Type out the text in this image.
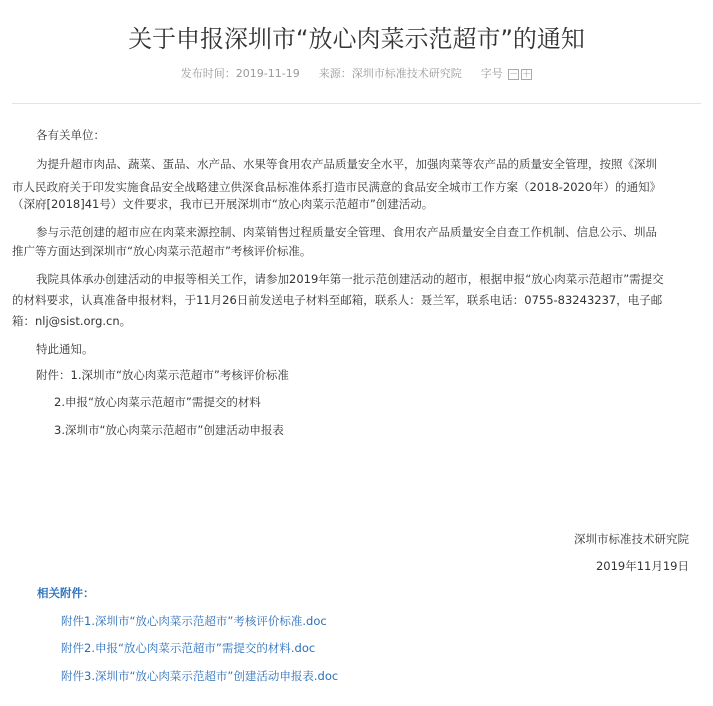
关于申报深圳市“放心肉菜示范超市”的通知
发布时间：2019-11-19 来源：深圳市标准技术研究院 字号 － ＋
各有关单位：
为提升超市肉品、蔬菜、蛋品、水产品、水果等食用农产品质量安全水平，加强肉菜等农产品的质量安全管理，按照《深圳
市人民政府关于印发实施食品安全战略建立供深食品标准体系打造市民满意的食品安全城市工作方案（2018-2020年）的通知》
（深府[2018]41号）文件要求，我市已开展深圳市“放心肉菜示范超市”创建活动。
参与示范创建的超市应在肉菜来源控制、肉菜销售过程质量安全管理、食用农产品质量安全自查工作机制、信息公示、圳品
推广等方面达到深圳市“放心肉菜示范超市”考核评价标准。
我院具体承办创建活动的申报等相关工作，请参加2019年第一批示范创建活动的超市，根据申报“放心肉菜示范超市”需提交
的材料要求，认真准备申报材料，于11月26日前发送电子材料至邮箱，联系人：聂兰军，联系电话：0755-83243237，电子邮
箱：nlj@sist.org.cn。
特此通知。
附件：1.深圳市“放心肉菜示范超市”考核评价标准
2.申报“放心肉菜示范超市”需提交的材料
3.深圳市“放心肉菜示范超市”创建活动申报表
深圳市标准技术研究院
2019年11月19日
相关附件：
附件1.深圳市“放心肉菜示范超市”考核评价标准.doc
附件2.申报“放心肉菜示范超市”需提交的材料.doc
附件3.深圳市“放心肉菜示范超市”创建活动申报表.doc
